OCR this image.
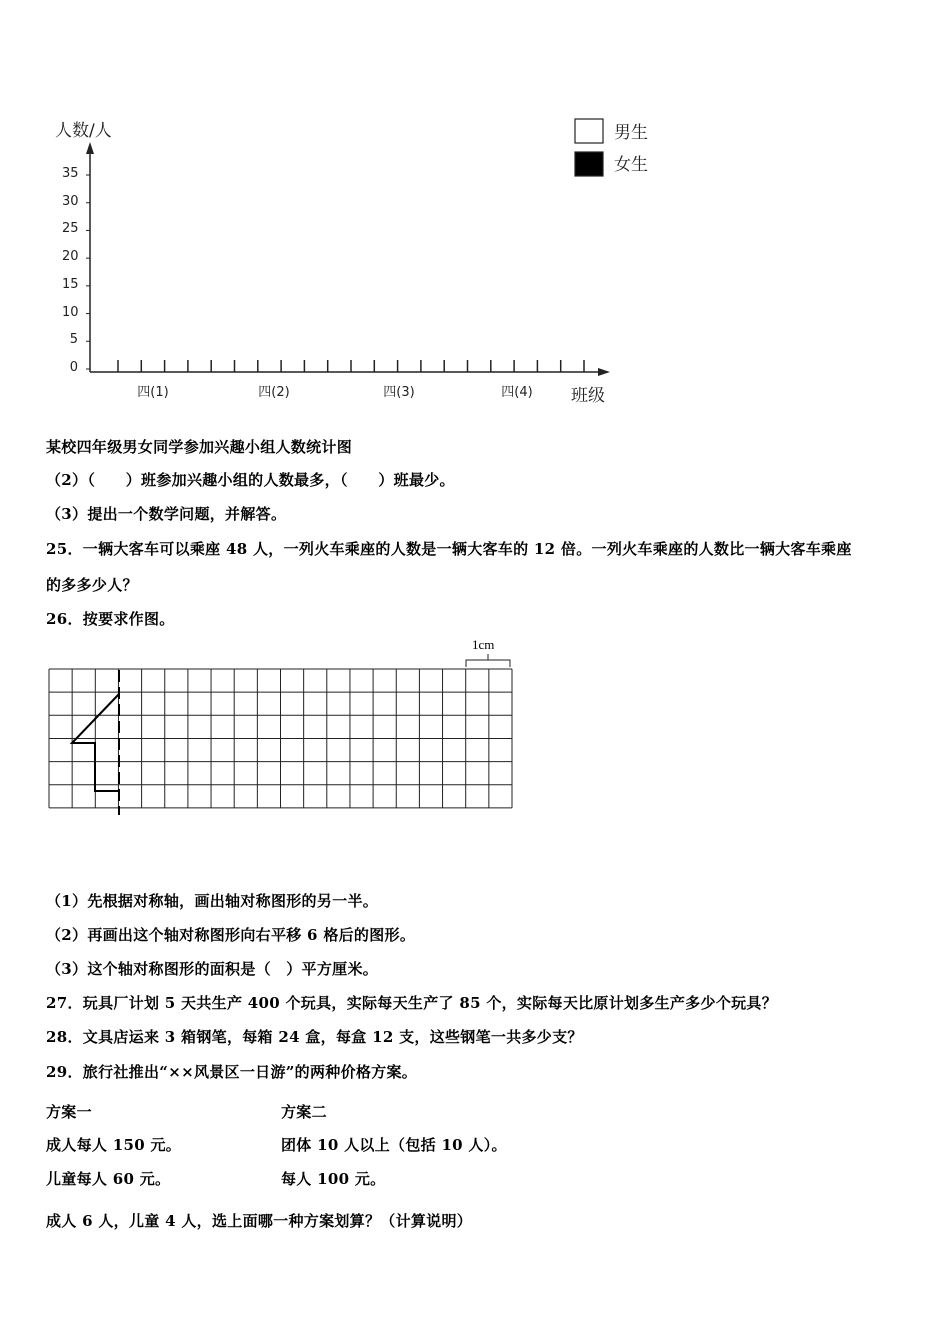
人数/人
班级
0
5
10
15
20
25
30
35
四(1)	四(2)	四(3)	四(4)
男生
女生
某校四年级男女同学参加兴趣小组人数统计图
（2）（　　）班参加兴趣小组的人数最多，（　　）班最少。
（3）提出一个数学问题，并解答。
25．一辆大客车可以乘座 48 人，一列火车乘座的人数是一辆大客车的 12 倍。一列火车乘座的人数比一辆大客车乘座
的多多少人？
26．按要求作图。
1cm
（1）先根据对称轴，画出轴对称图形的另一半。
（2）再画出这个轴对称图形向右平移 6 格后的图形。
（3）这个轴对称图形的面积是（　）平方厘米。
27．玩具厂计划 5 天共生产 400 个玩具，实际每天生产了 85 个，实际每天比原计划多生产多少个玩具？
28．文具店运来 3 箱钢笔，每箱 24 盒，每盒 12 支，这些钢笔一共多少支？
29．旅行社推出“××风景区一日游”的两种价格方案。
方案一	方案二
成人每人 150 元。	团体 10 人以上（包括 10 人）。
儿童每人 60 元。	每人 100 元。
成人 6 人，儿童 4 人，选上面哪一种方案划算？（计算说明）
